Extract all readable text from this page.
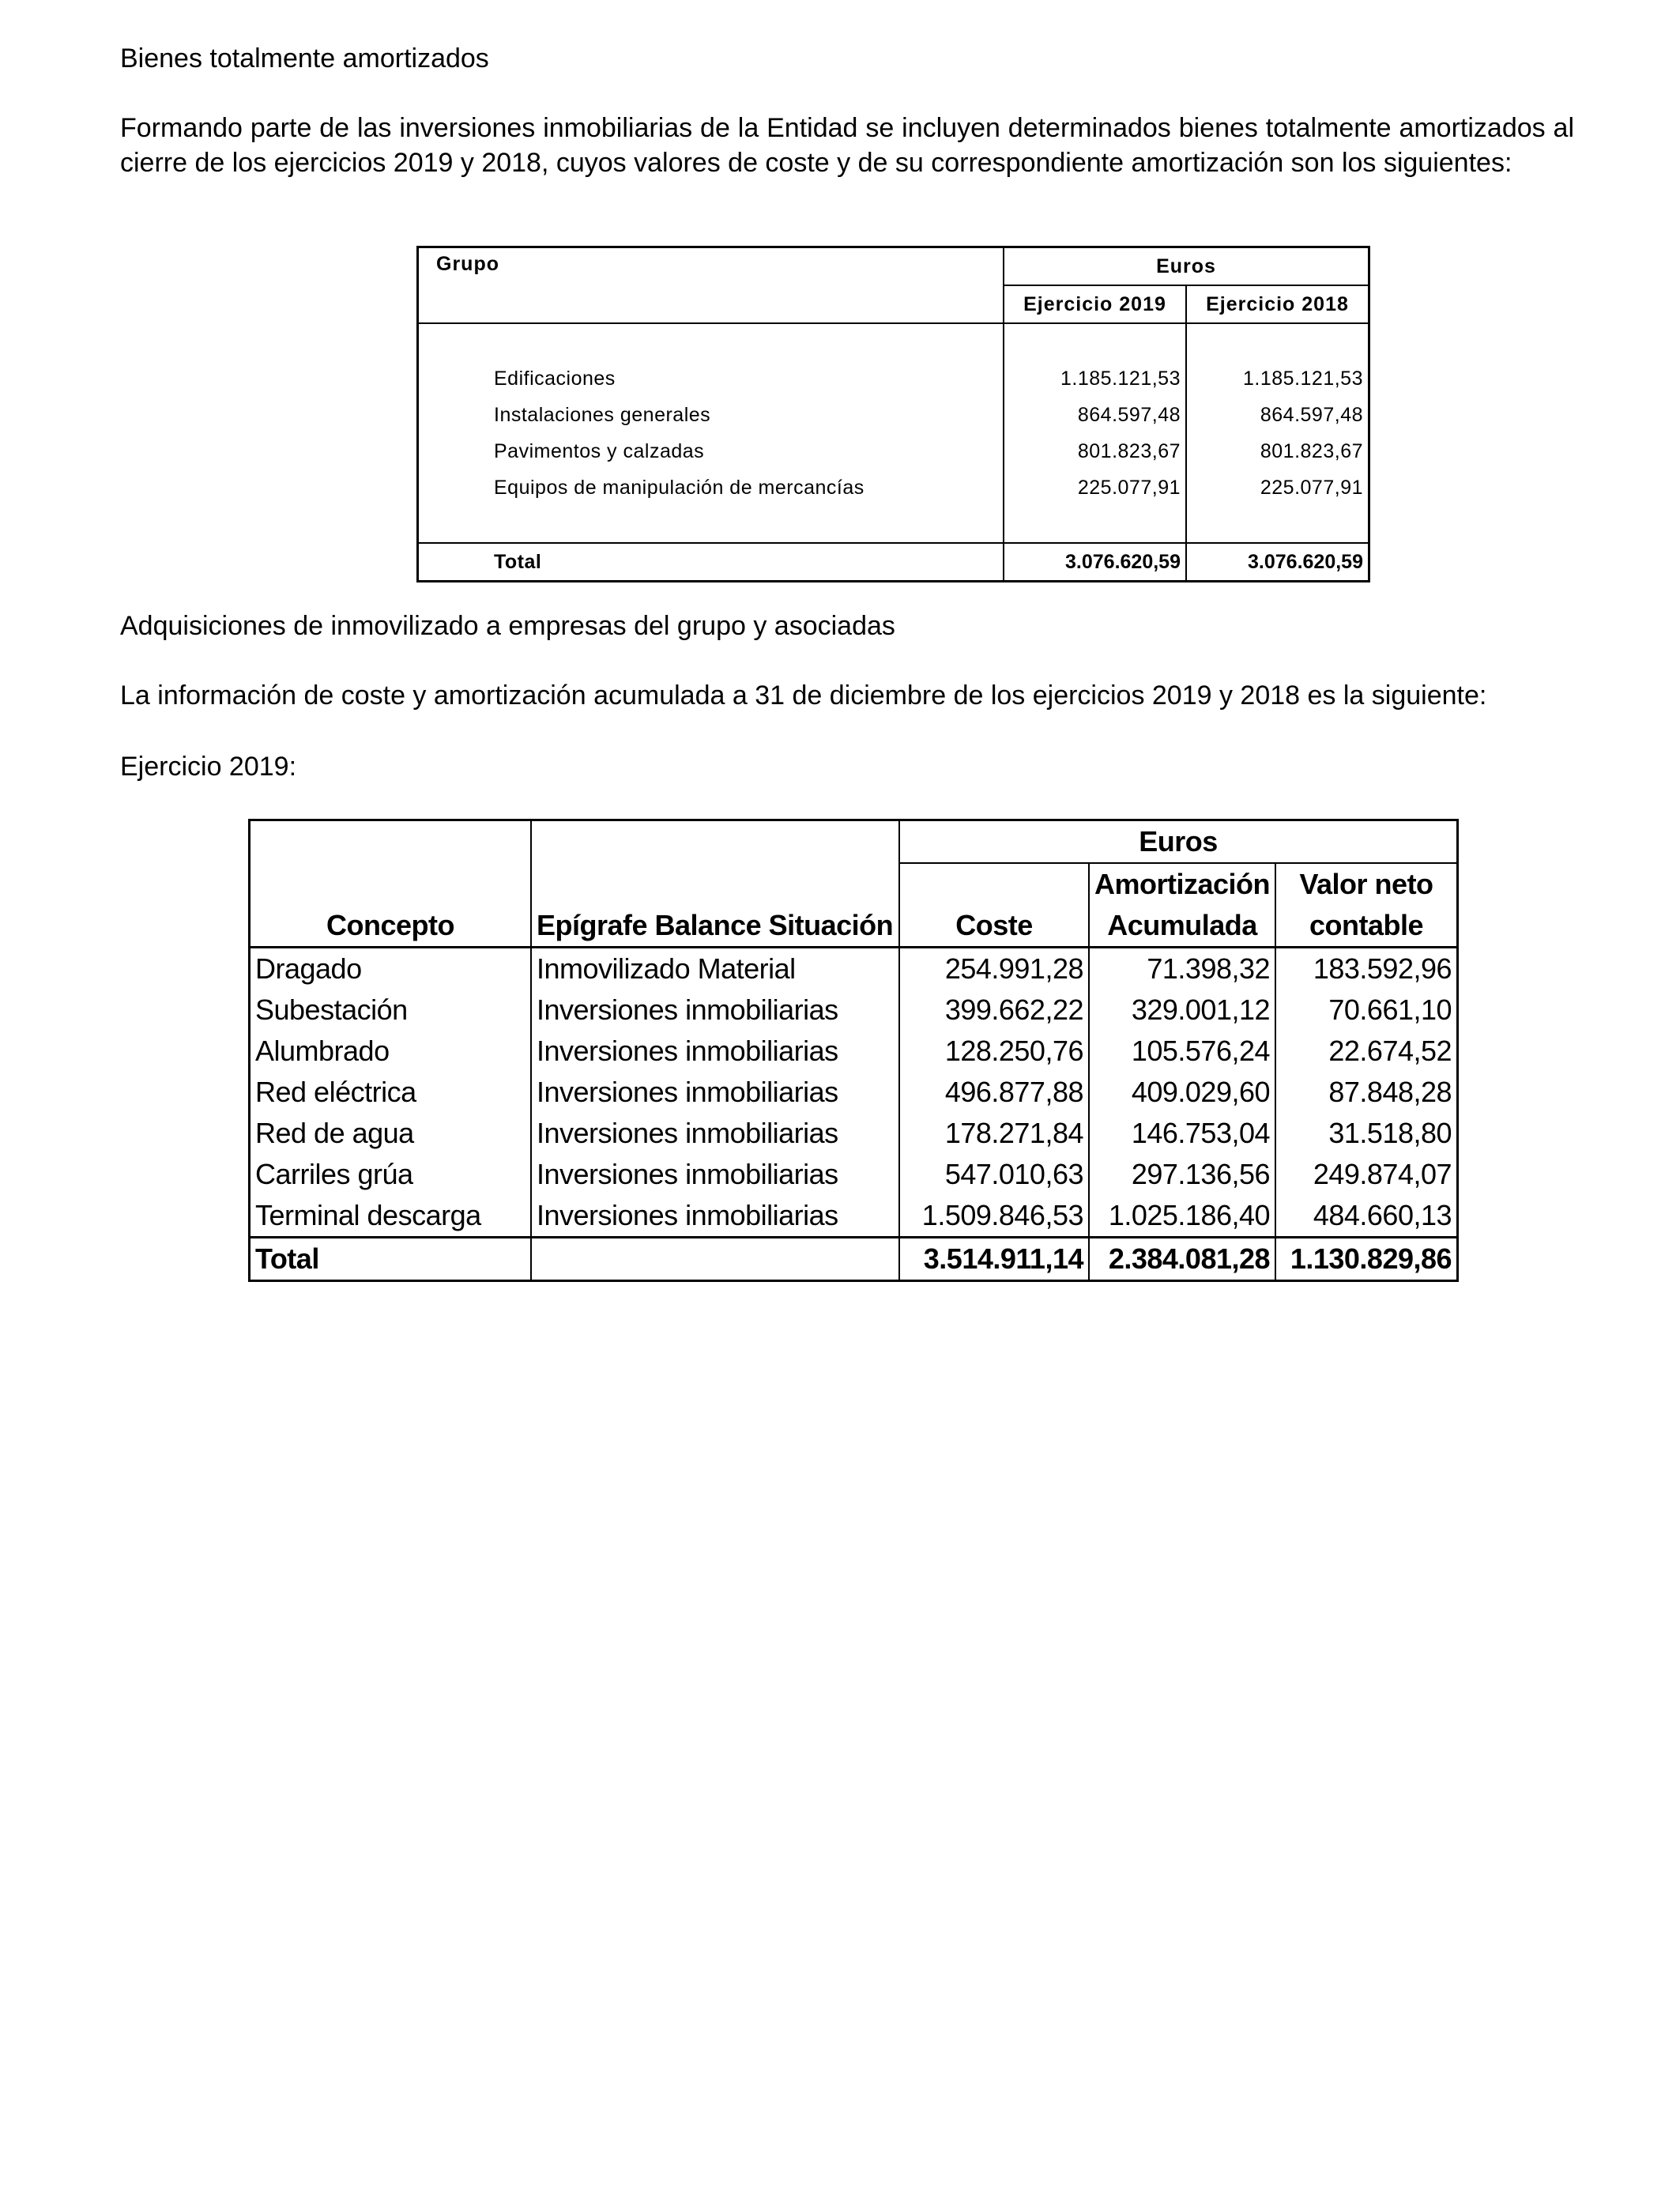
Bienes totalmente amortizados

Formando parte de las inversiones inmobiliarias de la Entidad se incluyen determinados bienes totalmente amortizados al cierre de los ejercicios 2019 y 2018, cuyos valores de coste y de su correspondiente amortización son los siguientes:

Grupo	Euros	
	Ejercicio 2019	Ejercicio 2018

Edificaciones	1.185.121,53	1.185.121,53
Instalaciones generales	864.597,48	864.597,48
Pavimentos y calzadas	801.823,67	801.823,67
Equipos de manipulación de mercancías	225.077,91	225.077,91

Total	3.076.620,59	3.076.620,59

Adquisiciones de inmovilizado a empresas del grupo y asociadas

La información de coste y amortización acumulada a 31 de diciembre de los ejercicios 2019 y 2018 es la siguiente:

Ejercicio 2019:

		Euros		
			Amortización	Valor neto
Concepto	Epígrafe Balance Situación	Coste	Acumulada	contable
Dragado	Inmovilizado Material	254.991,28	71.398,32	183.592,96
Subestación	Inversiones inmobiliarias	399.662,22	329.001,12	70.661,10
Alumbrado	Inversiones inmobiliarias	128.250,76	105.576,24	22.674,52
Red eléctrica	Inversiones inmobiliarias	496.877,88	409.029,60	87.848,28
Red de agua	Inversiones inmobiliarias	178.271,84	146.753,04	31.518,80
Carriles grúa	Inversiones inmobiliarias	547.010,63	297.136,56	249.874,07
Terminal descarga	Inversiones inmobiliarias	1.509.846,53	1.025.186,40	484.660,13
Total		3.514.911,14	2.384.081,28	1.130.829,86
